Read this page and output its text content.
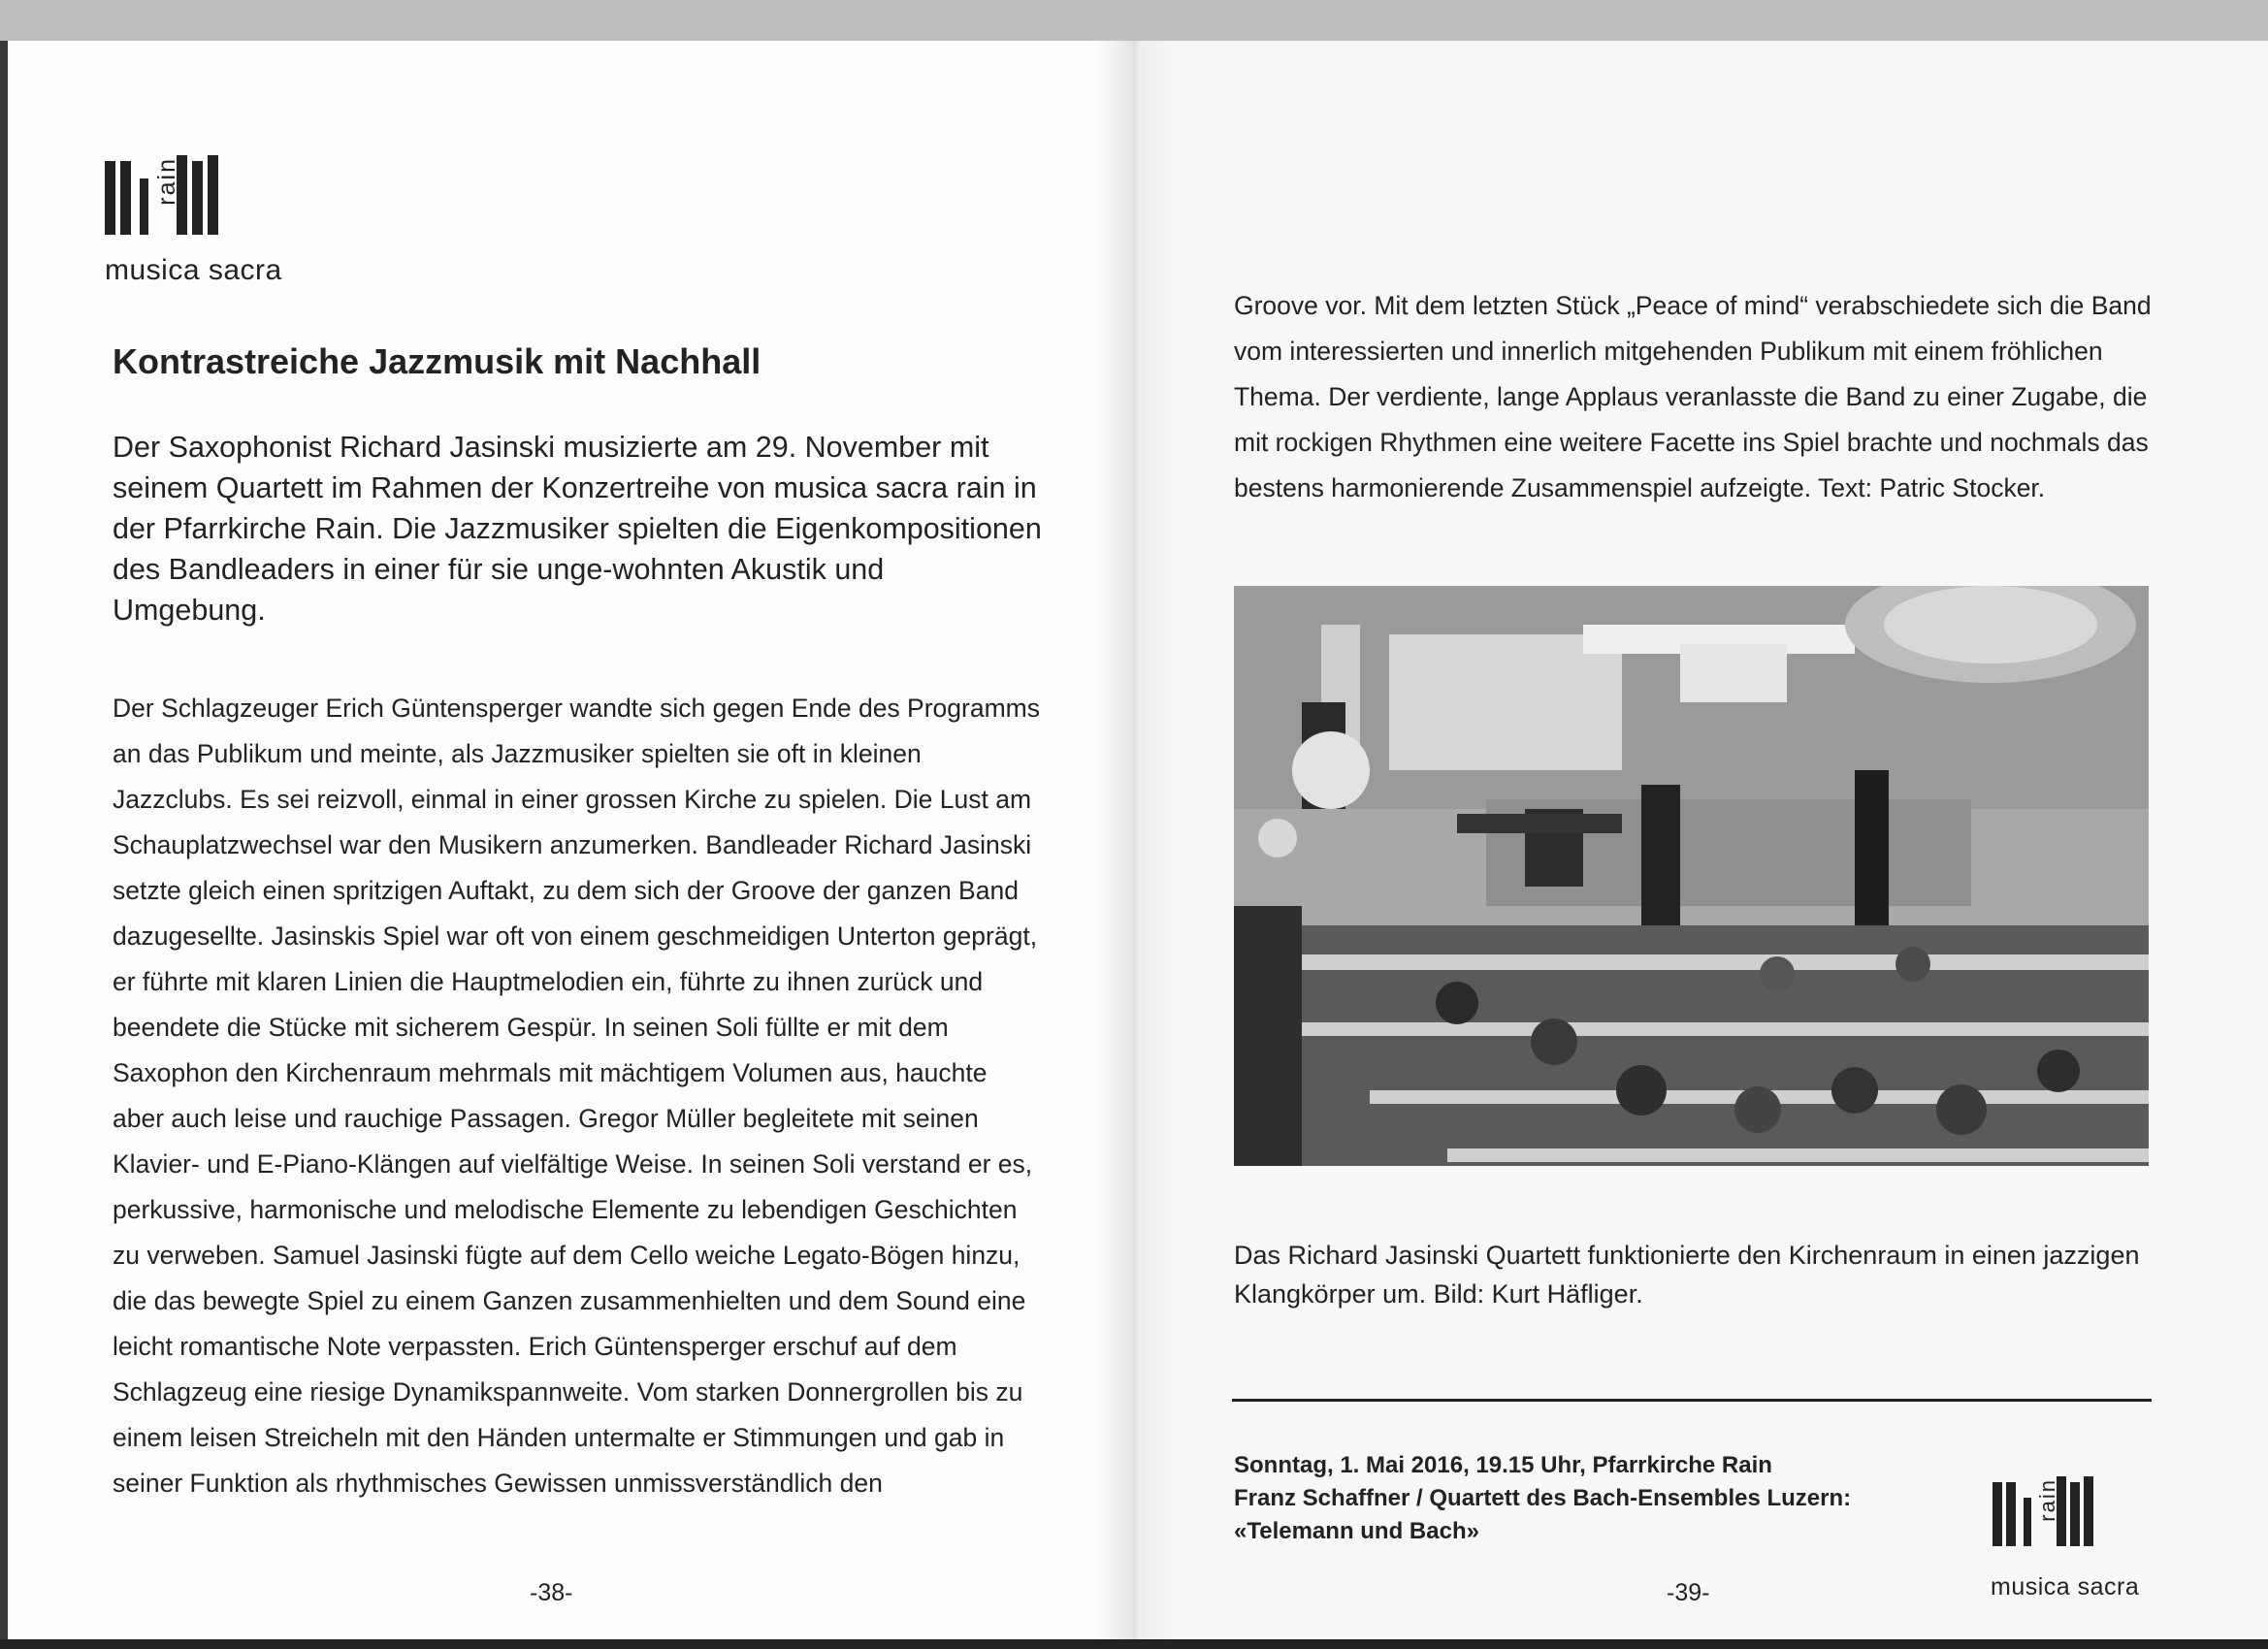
rain
musica sacra
Kontrastreiche Jazzmusik mit Nachhall

Der Saxophonist Richard Jasinski musizierte am 29. November mit seinem Quartett im Rahmen der Konzertreihe von musica sacra rain in der Pfarrkirche Rain. Die Jazzmusiker spielten die Eigenkompositionen des Bandleaders in einer für sie unge-wohnten Akustik und Umgebung.

Der Schlagzeuger Erich Güntensperger wandte sich gegen Ende des Programms an das Publikum und meinte, als Jazzmusiker spielten sie oft in kleinen Jazzclubs. Es sei reizvoll, einmal in einer grossen Kirche zu spielen. Die Lust am Schauplatzwechsel war den Musikern anzumerken. Bandleader Richard Jasinski setzte gleich einen spritzigen Auftakt, zu dem sich der Groove der ganzen Band dazugesellte. Jasinskis Spiel war oft von einem geschmeidigen Unterton geprägt, er führte mit klaren Linien die Hauptmelodien ein, führte zu ihnen zurück und beendete die Stücke mit sicherem Gespür. In seinen Soli füllte er mit dem Saxophon den Kirchenraum mehrmals mit mächtigem Volumen aus, hauchte aber auch leise und rauchige Passagen. Gregor Müller begleitete mit seinen Klavier- und E-Piano-Klängen auf vielfältige Weise. In seinen Soli verstand er es, perkussive, harmonische und melodische Elemente zu lebendigen Geschichten zu verweben. Samuel Jasinski fügte auf dem Cello weiche Legato-Bögen hinzu, die das bewegte Spiel zu einem Ganzen zusammenhielten und dem Sound eine leicht romantische Note verpassten. Erich Güntensperger erschuf auf dem Schlagzeug eine riesige Dynamikspannweite. Vom starken Donnergrollen bis zu einem leisen Streicheln mit den Händen untermalte er Stimmungen und gab in seiner Funktion als rhythmisches Gewissen unmissverständlich den

-38-

Groove vor. Mit dem letzten Stück „Peace of mind“ verabschiedete sich die Band vom interessierten und innerlich mitgehenden Publikum mit einem fröhlichen Thema. Der verdiente, lange Applaus veranlasste die Band zu einer Zugabe, die mit rockigen Rhythmen eine weitere Facette ins Spiel brachte und nochmals das bestens harmonierende Zusammenspiel aufzeigte. Text: Patric Stocker.

Das Richard Jasinski Quartett funktionierte den Kirchenraum in einen jazzigen Klangkörper um. Bild: Kurt Häfliger.

Sonntag, 1. Mai 2016, 19.15 Uhr, Pfarrkirche Rain
Franz Schaffner / Quartett des Bach-Ensembles Luzern:
«Telemann und Bach»
rain
musica sacra
-39-
